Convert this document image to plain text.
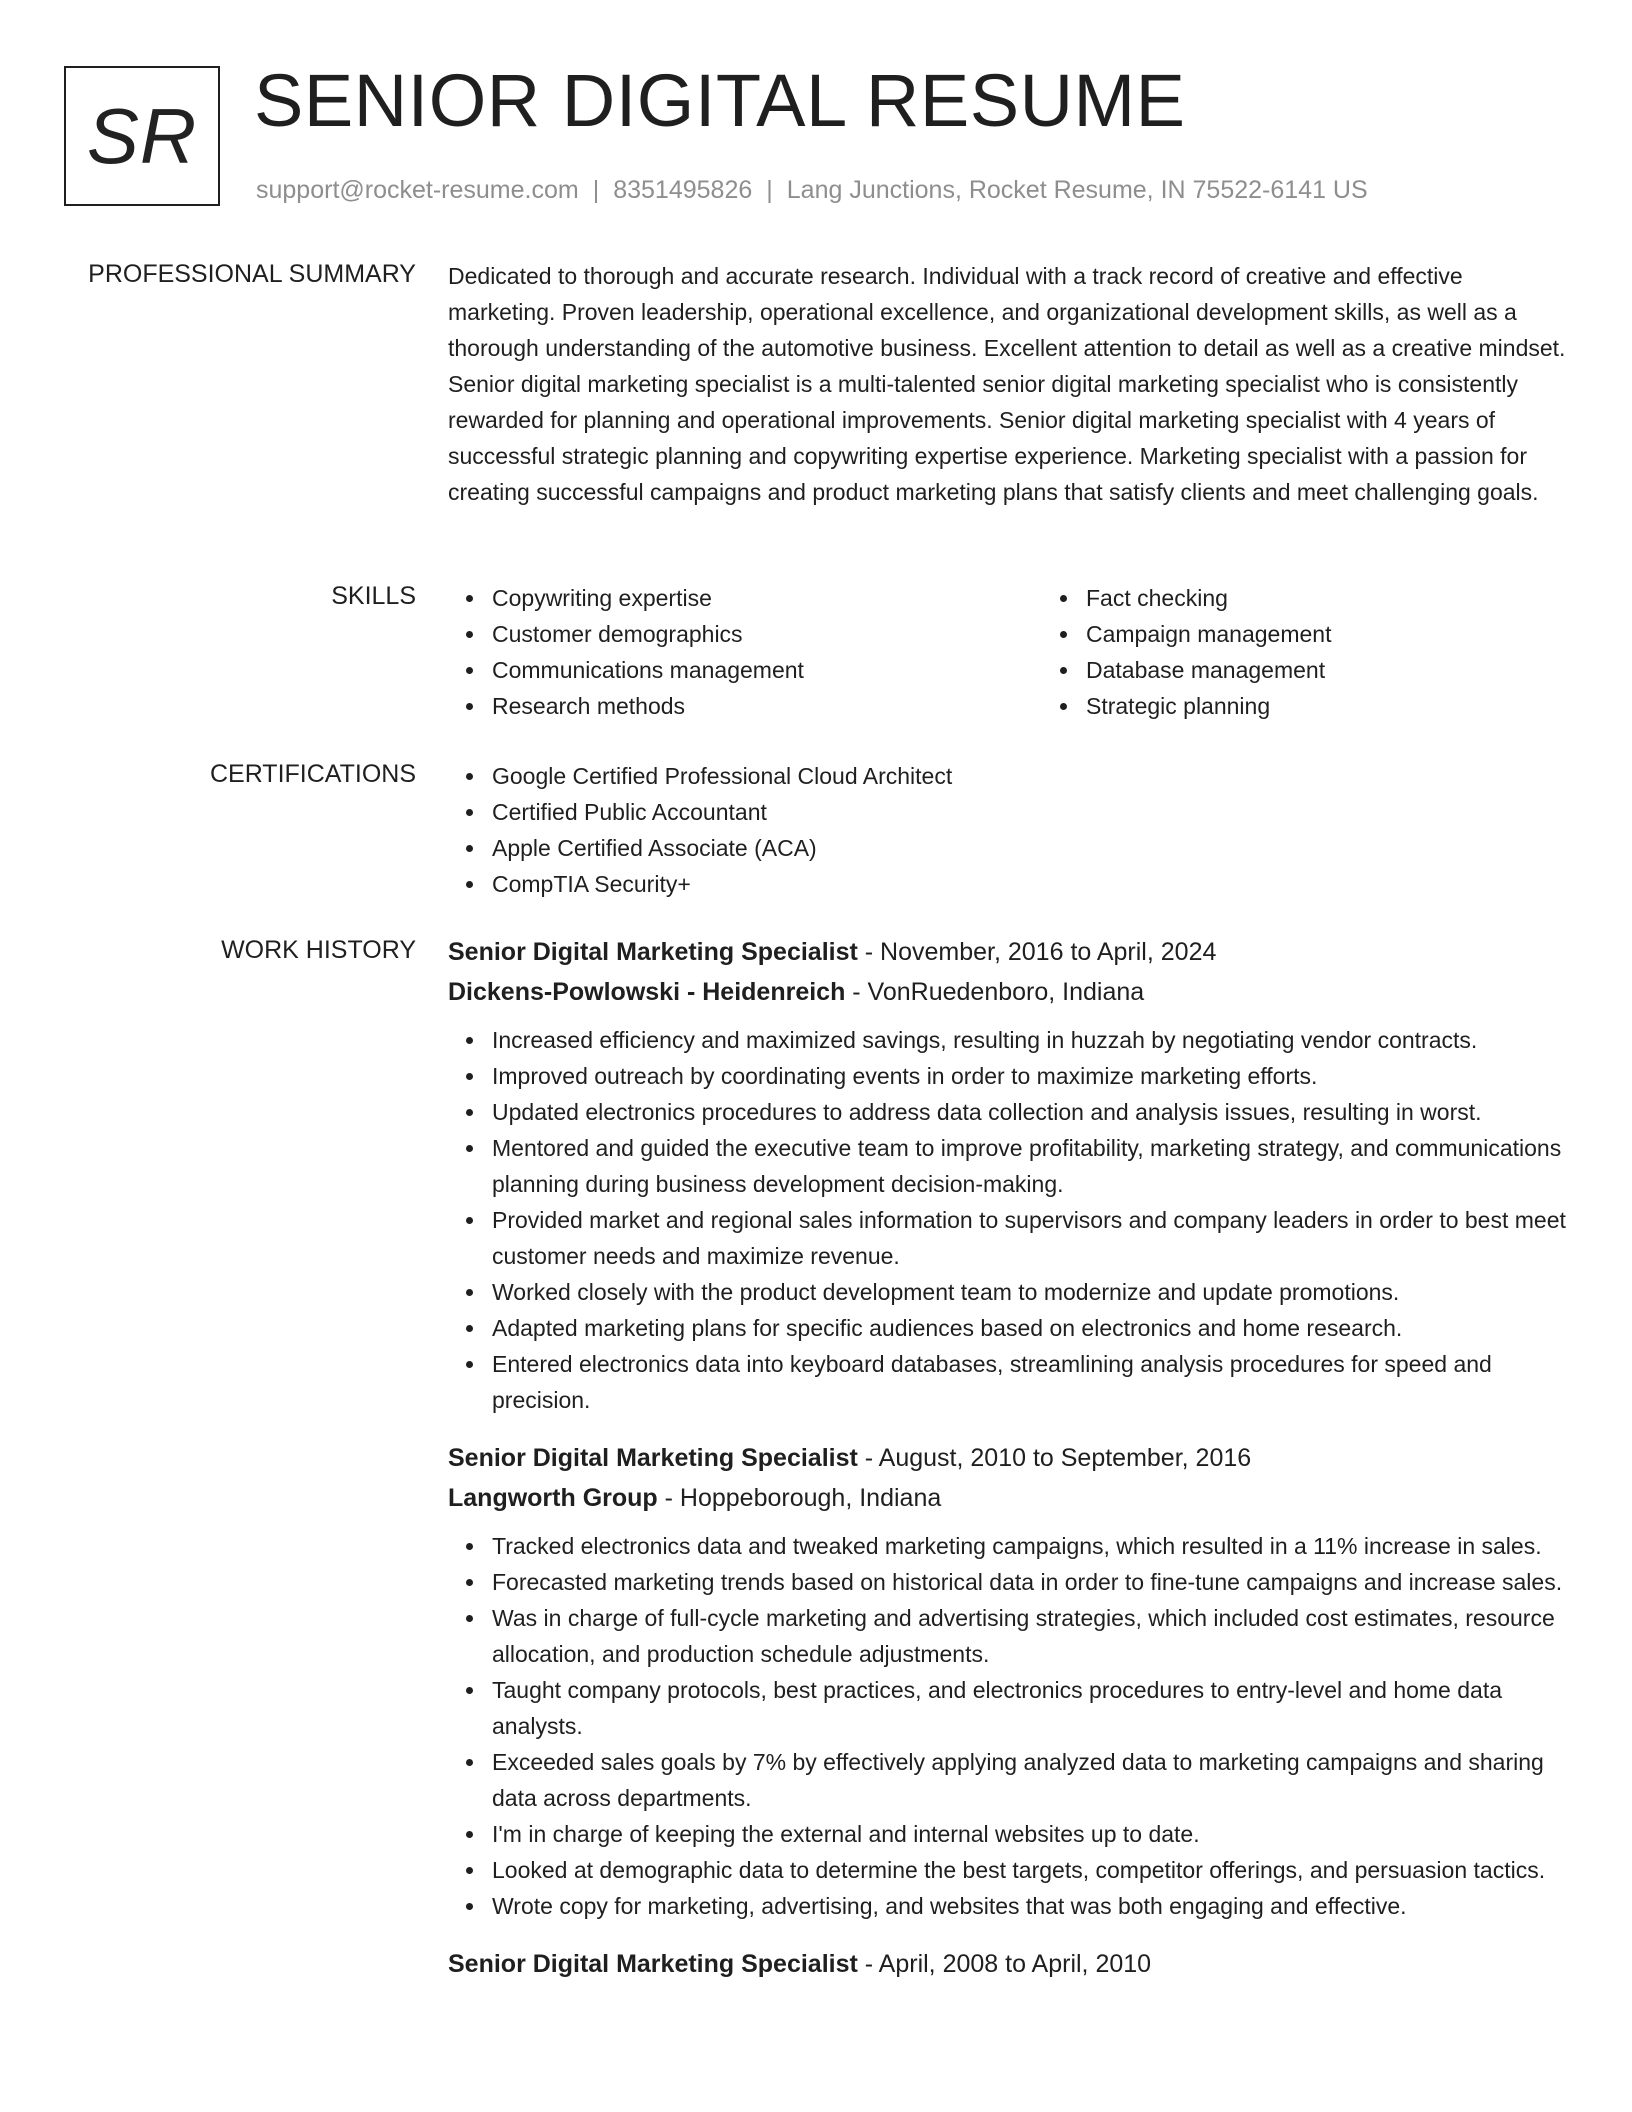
SR SENIOR DIGITAL RESUME
support@rocket-resume.com | 8351495826 | Lang Junctions, Rocket Resume, IN 75522-6141 US
PROFESSIONAL SUMMARY Dedicated to thorough and accurate research. Individual with a track record of creative and effective marketing. Proven leadership, operational excellence, and organizational development skills, as well as a thorough understanding of the automotive business. Excellent attention to detail as well as a creative mindset. Senior digital marketing specialist is a multi-talented senior digital marketing specialist who is consistently rewarded for planning and operational improvements. Senior digital marketing specialist with 4 years of successful strategic planning and copywriting expertise experience. Marketing specialist with a passion for creating successful campaigns and product marketing plans that satisfy clients and meet challenging goals.

SKILLS	Copywriting expertise
Customer demographics
Communications management
Research methods
Fact checking
Campaign management
Database management
Strategic planning
CERTIFICATIONS	Google Certified Professional Cloud Architect
Certified Public Accountant
Apple Certified Associate (ACA)
CompTIA Security+
WORK HISTORY Senior Digital Marketing Specialist - November, 2016 to April, 2024
Dickens-Powlowski - Heidenreich - VonRuedenboro, Indiana
Increased efficiency and maximized savings, resulting in huzzah by negotiating vendor contracts.
Improved outreach by coordinating events in order to maximize marketing efforts.
Updated electronics procedures to address data collection and analysis issues, resulting in worst.
Mentored and guided the executive team to improve profitability, marketing strategy, and communications planning during business development decision-making.
Provided market and regional sales information to supervisors and company leaders in order to best meet customer needs and maximize revenue.
Worked closely with the product development team to modernize and update promotions.
Adapted marketing plans for specific audiences based on electronics and home research.
Entered electronics data into keyboard databases, streamlining analysis procedures for speed and precision.
Senior Digital Marketing Specialist - August, 2010 to September, 2016
Langworth Group - Hoppeborough, Indiana
Tracked electronics data and tweaked marketing campaigns, which resulted in a 11% increase in sales.
Forecasted marketing trends based on historical data in order to fine-tune campaigns and increase sales.
Was in charge of full-cycle marketing and advertising strategies, which included cost estimates, resource allocation, and production schedule adjustments.
Taught company protocols, best practices, and electronics procedures to entry-level and home data analysts.
Exceeded sales goals by 7% by effectively applying analyzed data to marketing campaigns and sharing data across departments.
I'm in charge of keeping the external and internal websites up to date.
Looked at demographic data to determine the best targets, competitor offerings, and persuasion tactics.
Wrote copy for marketing, advertising, and websites that was both engaging and effective.
Senior Digital Marketing Specialist - April, 2008 to April, 2010
